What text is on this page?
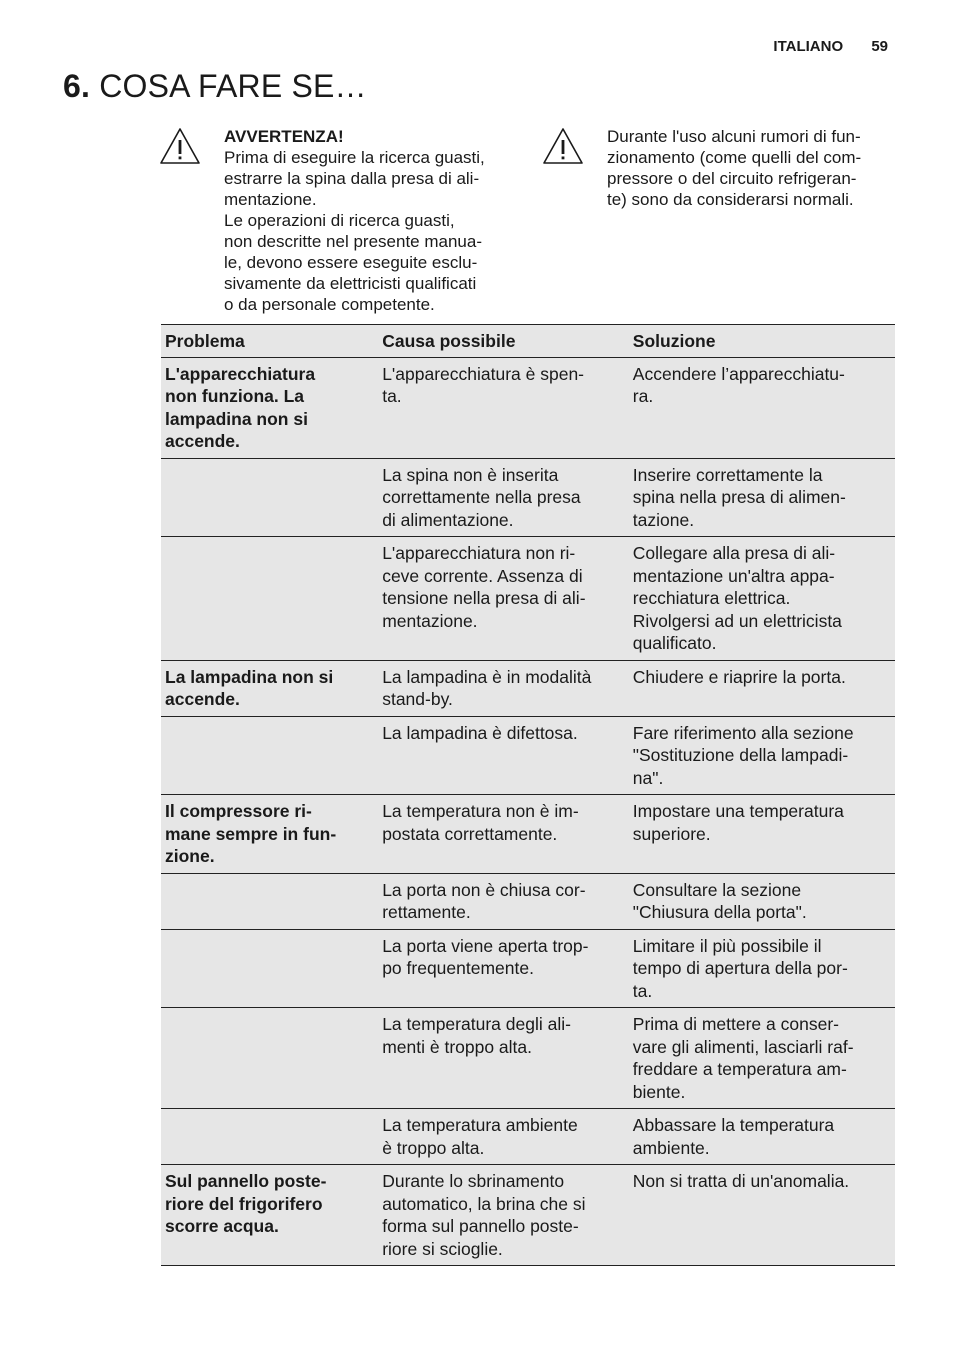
ITALIANO 59
6. COSA FARE SE…
AVVERTENZA!
Prima di eseguire la ricerca guasti,
estrarre la spina dalla presa di ali-
mentazione.
Le operazioni di ricerca guasti,
non descritte nel presente manua-
le, devono essere eseguite esclu-
sivamente da elettricisti qualificati
o da personale competente.
Durante l'uso alcuni rumori di fun-
zionamento (come quelli del com-
pressore o del circuito refrigeran-
te) sono da considerarsi normali.
Problema	Causa possibile	Soluzione
L'apparecchiatura
non funziona. La
lampadina non si
accende.	L'apparecchiatura è spen-
ta.	Accendere l’apparecchiatu-
ra.
	La spina non è inserita
correttamente nella presa
di alimentazione.	Inserire correttamente la
spina nella presa di alimen-
tazione.
	L'apparecchiatura non ri-
ceve corrente. Assenza di
tensione nella presa di ali-
mentazione.	Collegare alla presa di ali-
mentazione un'altra appa-
recchiatura elettrica.
Rivolgersi ad un elettricista
qualificato.
La lampadina non si
accende.	La lampadina è in modalità
stand-by.	Chiudere e riaprire la porta.
	La lampadina è difettosa.	Fare riferimento alla sezione
"Sostituzione della lampadi-
na".
Il compressore ri-
mane sempre in fun-
zione.	La temperatura non è im-
postata correttamente.	Impostare una temperatura
superiore.
	La porta non è chiusa cor-
rettamente.	Consultare la sezione
"Chiusura della porta".
	La porta viene aperta trop-
po frequentemente.	Limitare il più possibile il
tempo di apertura della por-
ta.
	La temperatura degli ali-
menti è troppo alta.	Prima di mettere a conser-
vare gli alimenti, lasciarli raf-
freddare a temperatura am-
biente.
	La temperatura ambiente
è troppo alta.	Abbassare la temperatura
ambiente.
Sul pannello poste-
riore del frigorifero
scorre acqua.	Durante lo sbrinamento
automatico, la brina che si
forma sul pannello poste-
riore si scioglie.	Non si tratta di un'anomalia.
